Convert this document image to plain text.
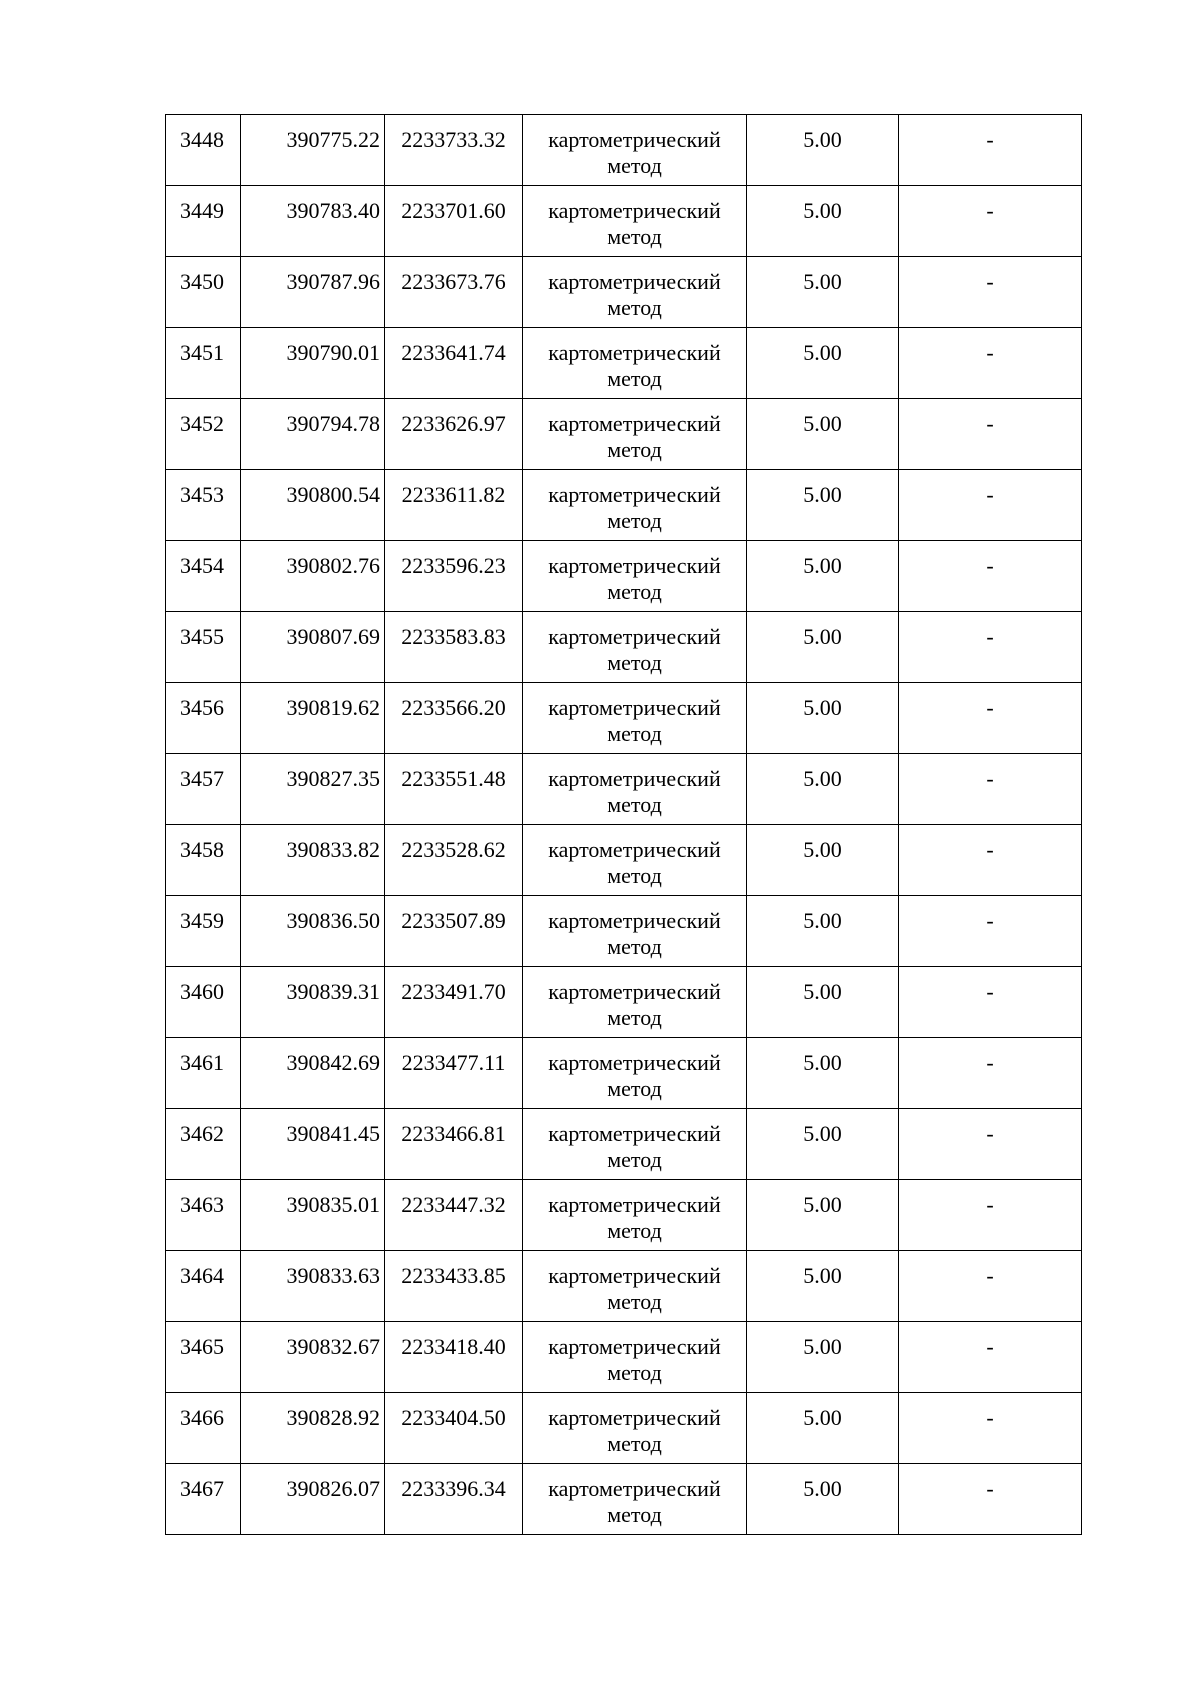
3448	390775.22	2233733.32	картометрический метод	5.00	-
3449	390783.40	2233701.60	картометрический метод	5.00	-
3450	390787.96	2233673.76	картометрический метод	5.00	-
3451	390790.01	2233641.74	картометрический метод	5.00	-
3452	390794.78	2233626.97	картометрический метод	5.00	-
3453	390800.54	2233611.82	картометрический метод	5.00	-
3454	390802.76	2233596.23	картометрический метод	5.00	-
3455	390807.69	2233583.83	картометрический метод	5.00	-
3456	390819.62	2233566.20	картометрический метод	5.00	-
3457	390827.35	2233551.48	картометрический метод	5.00	-
3458	390833.82	2233528.62	картометрический метод	5.00	-
3459	390836.50	2233507.89	картометрический метод	5.00	-
3460	390839.31	2233491.70	картометрический метод	5.00	-
3461	390842.69	2233477.11	картометрический метод	5.00	-
3462	390841.45	2233466.81	картометрический метод	5.00	-
3463	390835.01	2233447.32	картометрический метод	5.00	-
3464	390833.63	2233433.85	картометрический метод	5.00	-
3465	390832.67	2233418.40	картометрический метод	5.00	-
3466	390828.92	2233404.50	картометрический метод	5.00	-
3467	390826.07	2233396.34	картометрический метод	5.00	-
